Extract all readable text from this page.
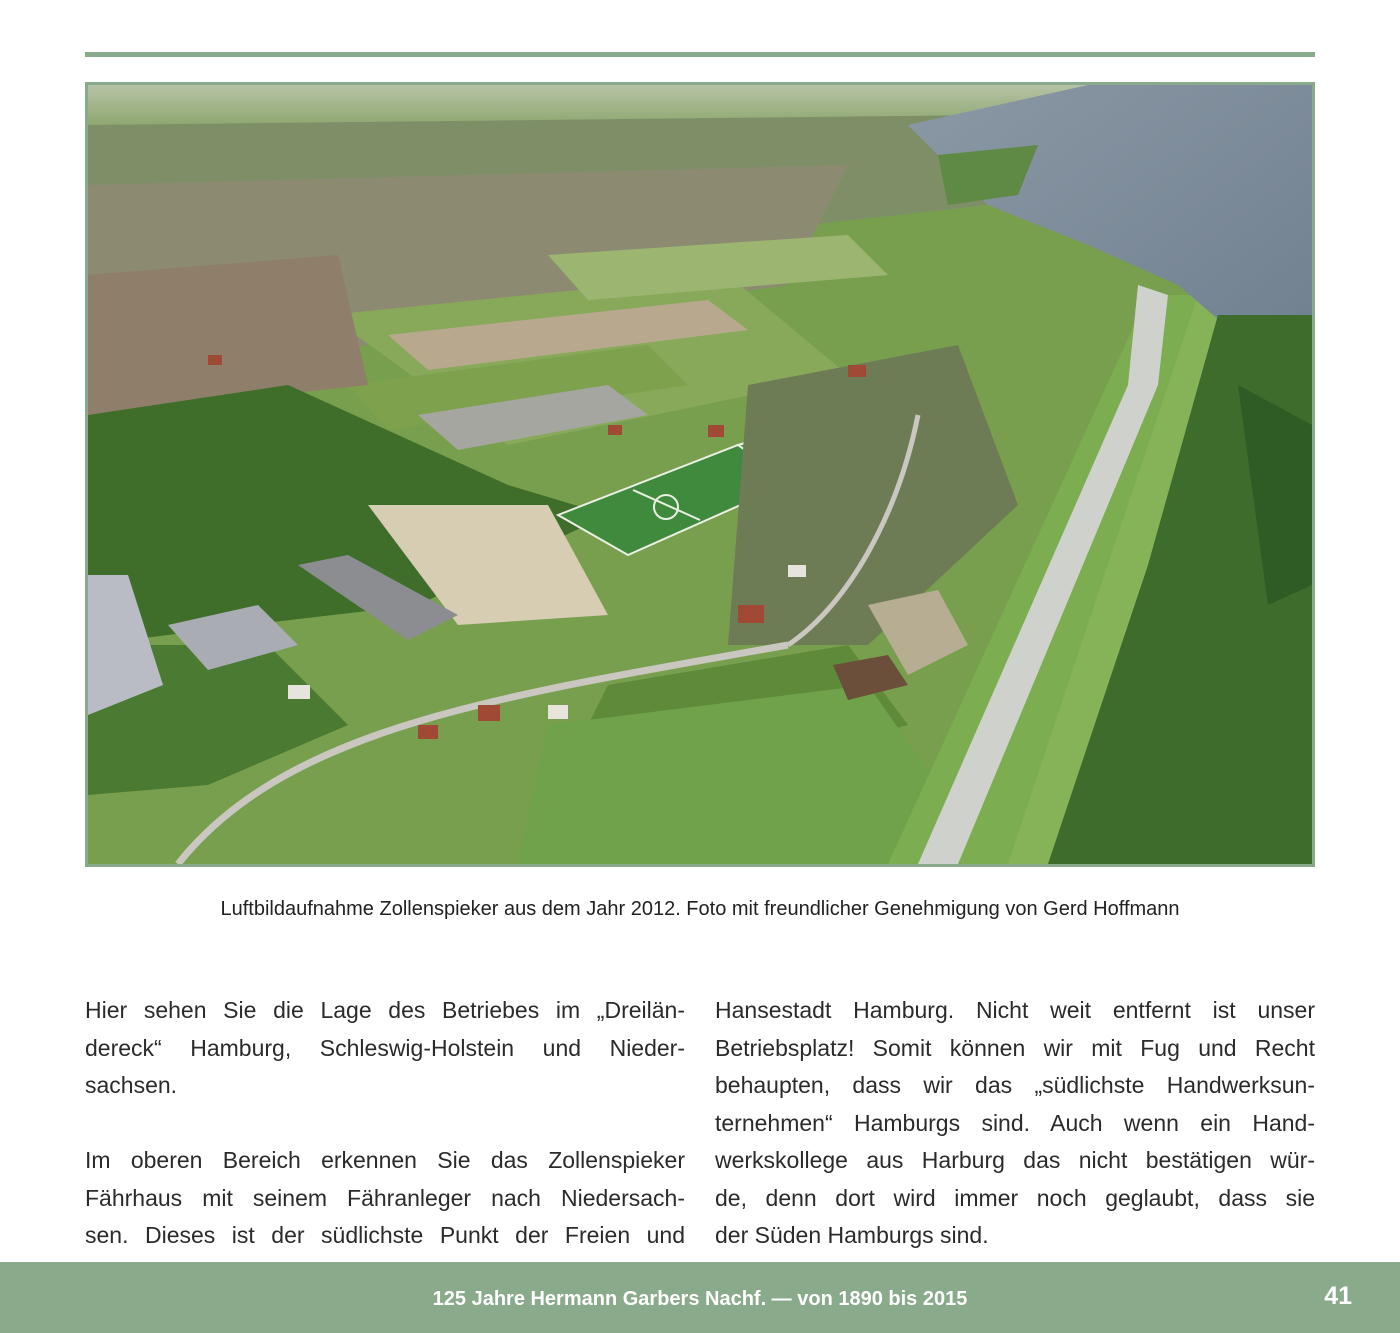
Luftbildaufnahme Zollenspieker aus dem Jahr 2012. Foto mit freundlicher Genehmigung von Gerd Hoffmann
Hier sehen Sie die Lage des Betriebes im „Dreilän-
dereck“ Hamburg, Schleswig-Holstein und Nieder-
sachsen.
Im oberen Bereich erkennen Sie das Zollenspieker
Fährhaus mit seinem Fähranleger nach Niedersach-
sen. Dieses ist der südlichste Punkt der Freien und
Hansestadt Hamburg. Nicht weit entfernt ist unser
Betriebsplatz! Somit können wir mit Fug und Recht
behaupten, dass wir das „südlichste Handwerksun-
ternehmen“ Hamburgs sind. Auch wenn ein Hand-
werkskollege aus Harburg das nicht bestätigen wür-
de, denn dort wird immer noch geglaubt, dass sie
der Süden Hamburgs sind.
125 Jahre Hermann Garbers Nachf. — von 1890 bis 2015	41
